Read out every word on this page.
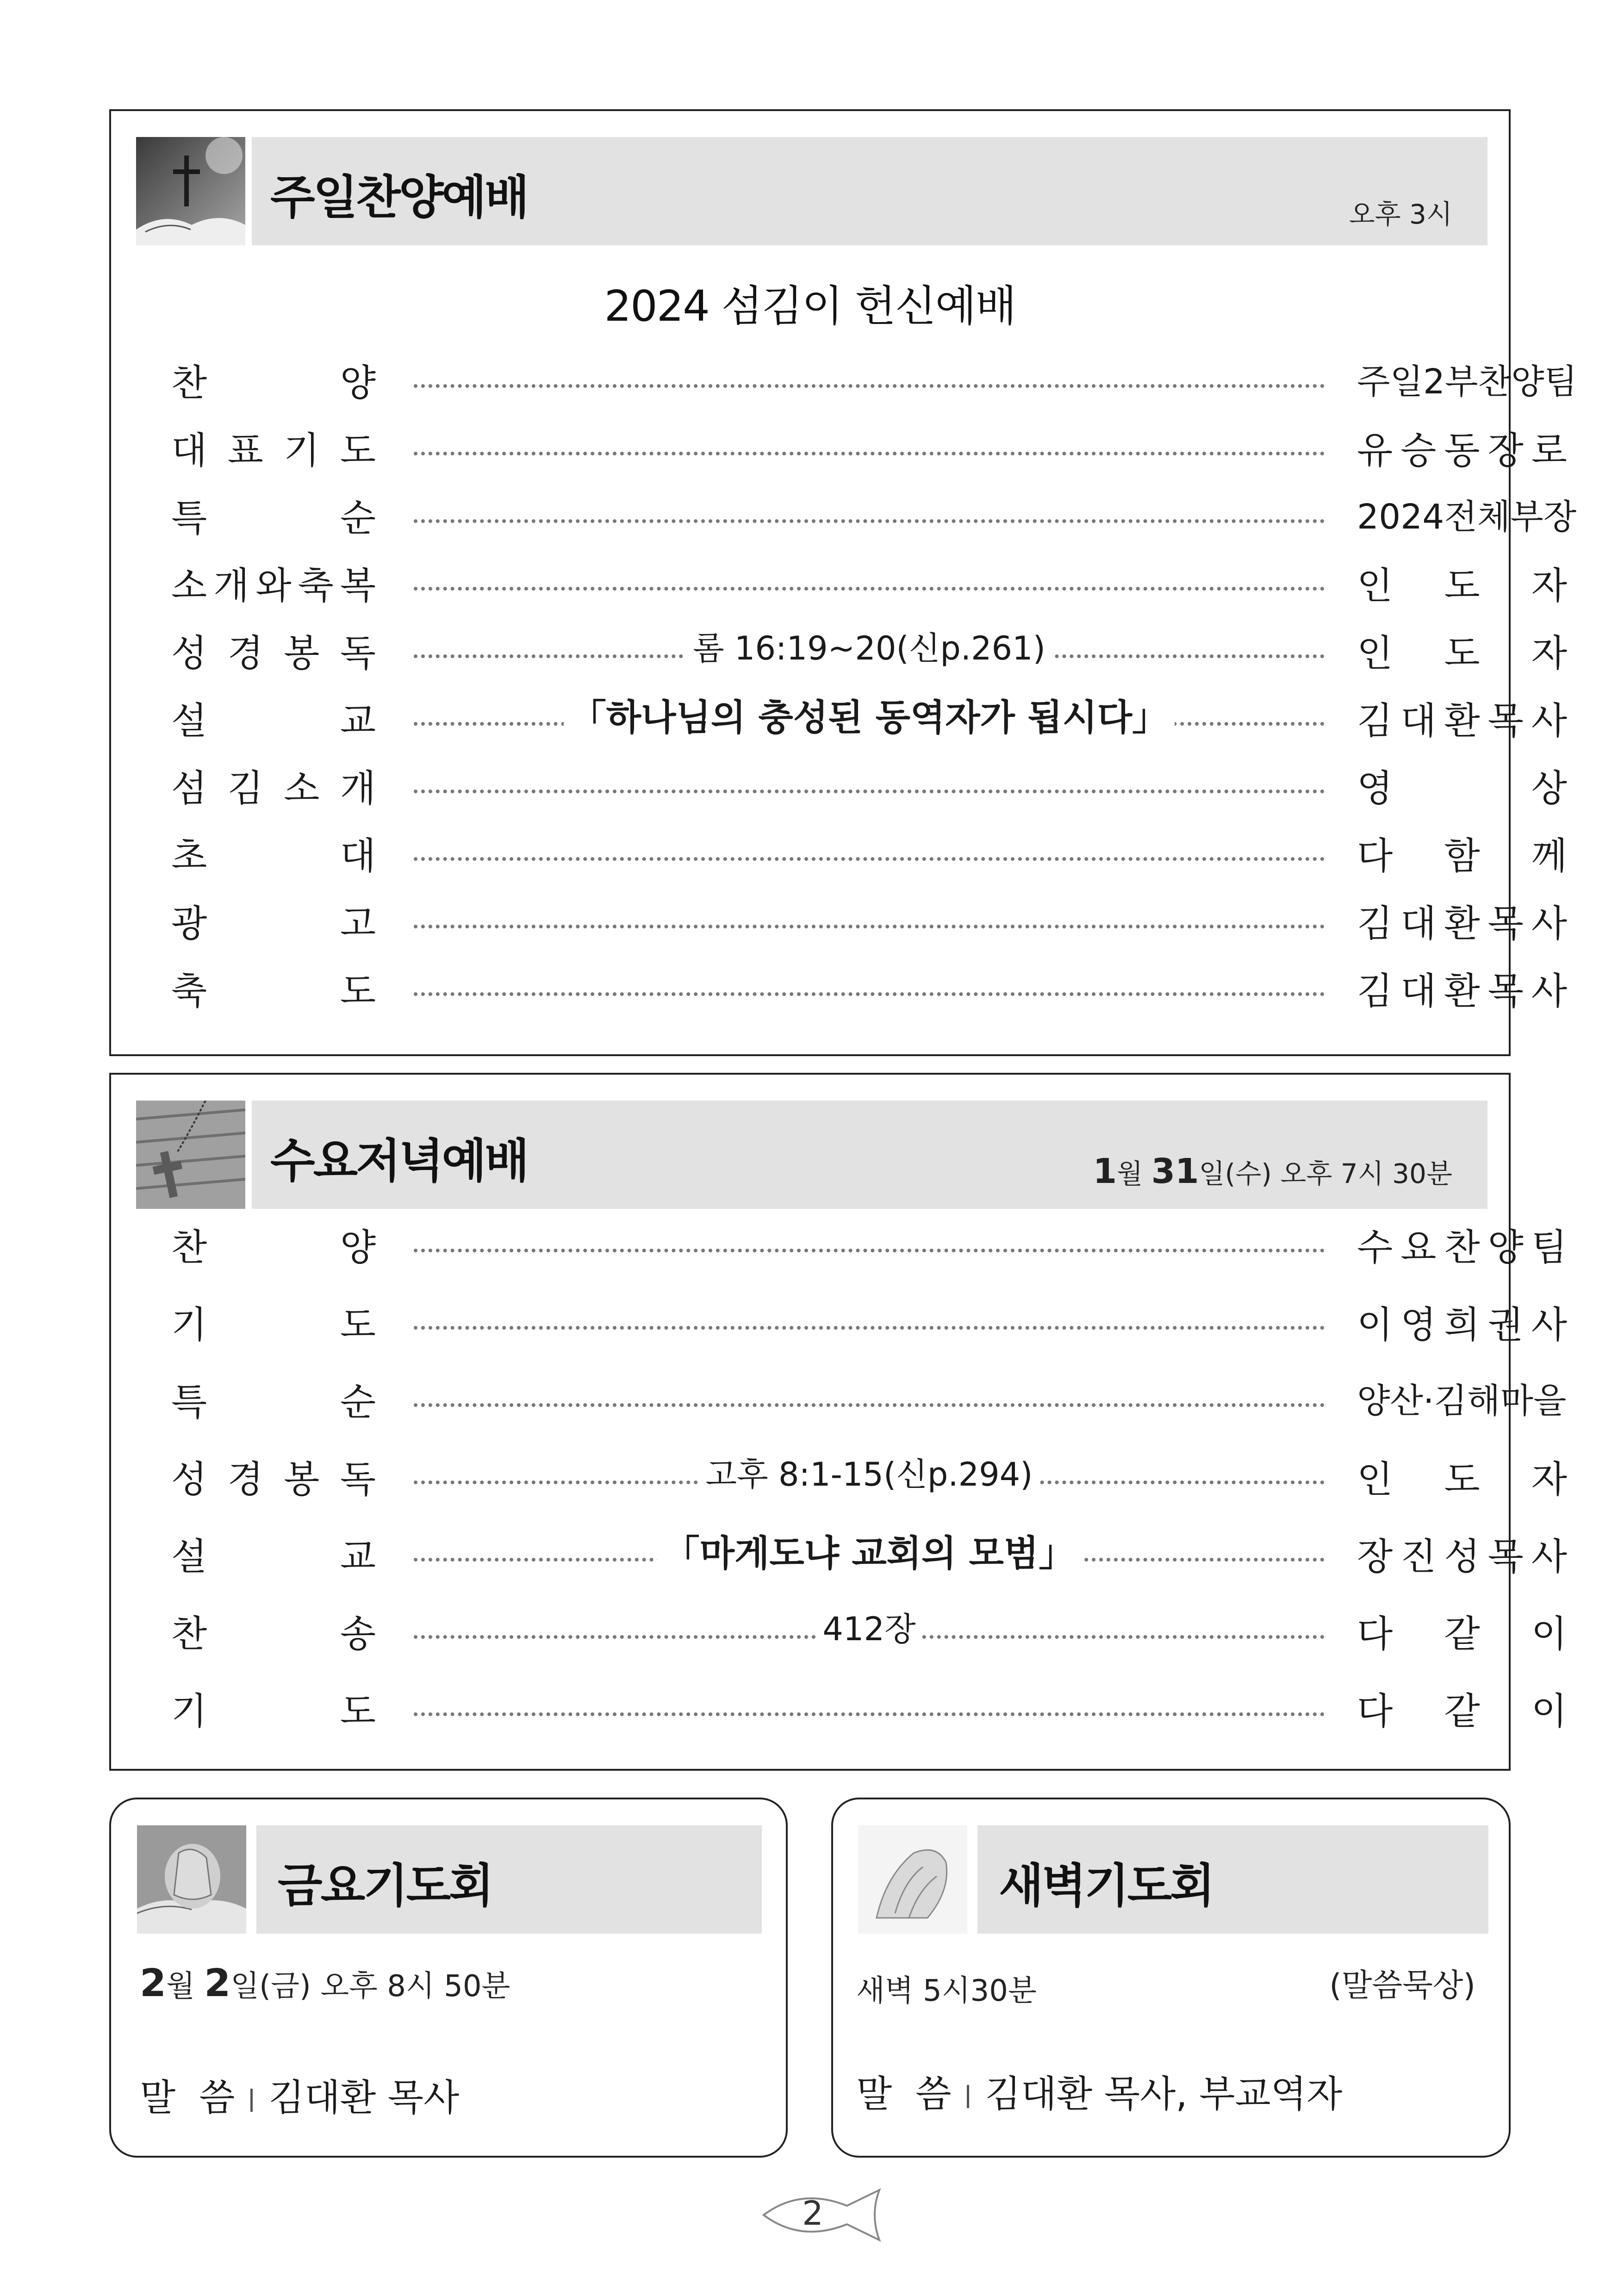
주일찬양예배	오후 3시
2024 섬김이 헌신예배
찬	양	주일2부찬양팀
대 표 기 도	유 승 동 장 로
특	순	2024전체부장
소 개 와 축 복	인 도 자
성 경 봉 독	롬 16:19~20(신p.261)	인 도 자
설	교	「하나님의 충성된 동역자가 됩시다」	김 대 환 목 사
섬 김 소 개	영	상
초	대	다 함 께
광	고	김 대 환 목 사
축	도	김 대 환 목 사
수요저녁예배	1월 31일(수) 오후 7시 30분
찬	양	수 요 찬 양 팀
기	도	이 영 희 권 사
특	순	양산·김해마을
성 경 봉 독	고후 8:1-15(신p.294)	인 도 자
설	교	「마게도냐 교회의 모범」	장 진 성 목 사
찬	송	412장	다 같 이
기	도	다 같 이
금요기도회
2월 2일(금) 오후 8시 50분
말  씀 김대환 목사
새벽기도회
새벽 5시30분	(말씀묵상)
말  씀 김대환 목사, 부교역자
2
